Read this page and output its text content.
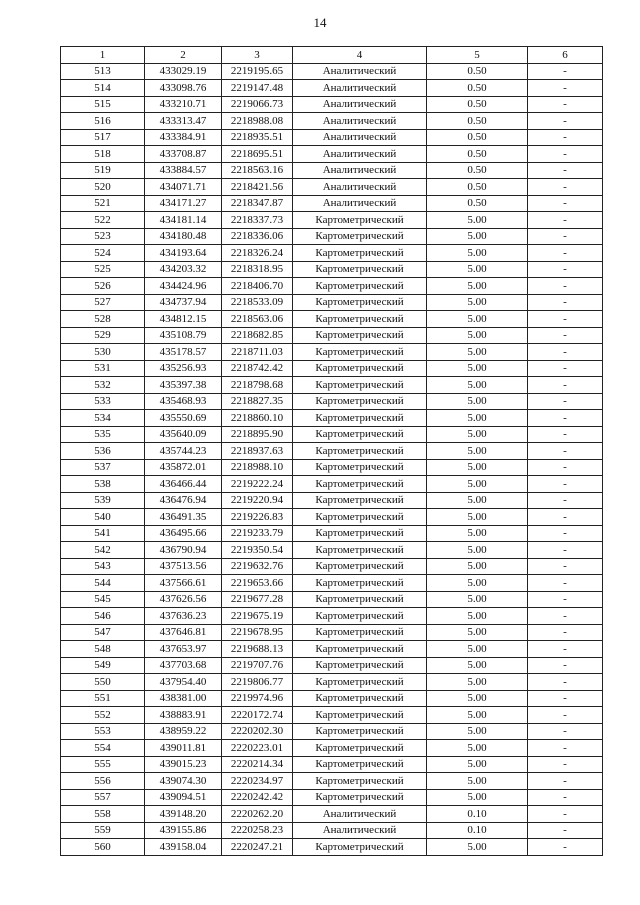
14
1	2	3	4	5	6
513	433029.19	2219195.65	Аналитический	0.50	-
514	433098.76	2219147.48	Аналитический	0.50	-
515	433210.71	2219066.73	Аналитический	0.50	-
516	433313.47	2218988.08	Аналитический	0.50	-
517	433384.91	2218935.51	Аналитический	0.50	-
518	433708.87	2218695.51	Аналитический	0.50	-
519	433884.57	2218563.16	Аналитический	0.50	-
520	434071.71	2218421.56	Аналитический	0.50	-
521	434171.27	2218347.87	Аналитический	0.50	-
522	434181.14	2218337.73	Картометрический	5.00	-
523	434180.48	2218336.06	Картометрический	5.00	-
524	434193.64	2218326.24	Картометрический	5.00	-
525	434203.32	2218318.95	Картометрический	5.00	-
526	434424.96	2218406.70	Картометрический	5.00	-
527	434737.94	2218533.09	Картометрический	5.00	-
528	434812.15	2218563.06	Картометрический	5.00	-
529	435108.79	2218682.85	Картометрический	5.00	-
530	435178.57	2218711.03	Картометрический	5.00	-
531	435256.93	2218742.42	Картометрический	5.00	-
532	435397.38	2218798.68	Картометрический	5.00	-
533	435468.93	2218827.35	Картометрический	5.00	-
534	435550.69	2218860.10	Картометрический	5.00	-
535	435640.09	2218895.90	Картометрический	5.00	-
536	435744.23	2218937.63	Картометрический	5.00	-
537	435872.01	2218988.10	Картометрический	5.00	-
538	436466.44	2219222.24	Картометрический	5.00	-
539	436476.94	2219220.94	Картометрический	5.00	-
540	436491.35	2219226.83	Картометрический	5.00	-
541	436495.66	2219233.79	Картометрический	5.00	-
542	436790.94	2219350.54	Картометрический	5.00	-
543	437513.56	2219632.76	Картометрический	5.00	-
544	437566.61	2219653.66	Картометрический	5.00	-
545	437626.56	2219677.28	Картометрический	5.00	-
546	437636.23	2219675.19	Картометрический	5.00	-
547	437646.81	2219678.95	Картометрический	5.00	-
548	437653.97	2219688.13	Картометрический	5.00	-
549	437703.68	2219707.76	Картометрический	5.00	-
550	437954.40	2219806.77	Картометрический	5.00	-
551	438381.00	2219974.96	Картометрический	5.00	-
552	438883.91	2220172.74	Картометрический	5.00	-
553	438959.22	2220202.30	Картометрический	5.00	-
554	439011.81	2220223.01	Картометрический	5.00	-
555	439015.23	2220214.34	Картометрический	5.00	-
556	439074.30	2220234.97	Картометрический	5.00	-
557	439094.51	2220242.42	Картометрический	5.00	-
558	439148.20	2220262.20	Аналитический	0.10	-
559	439155.86	2220258.23	Аналитический	0.10	-
560	439158.04	2220247.21	Картометрический	5.00	-
